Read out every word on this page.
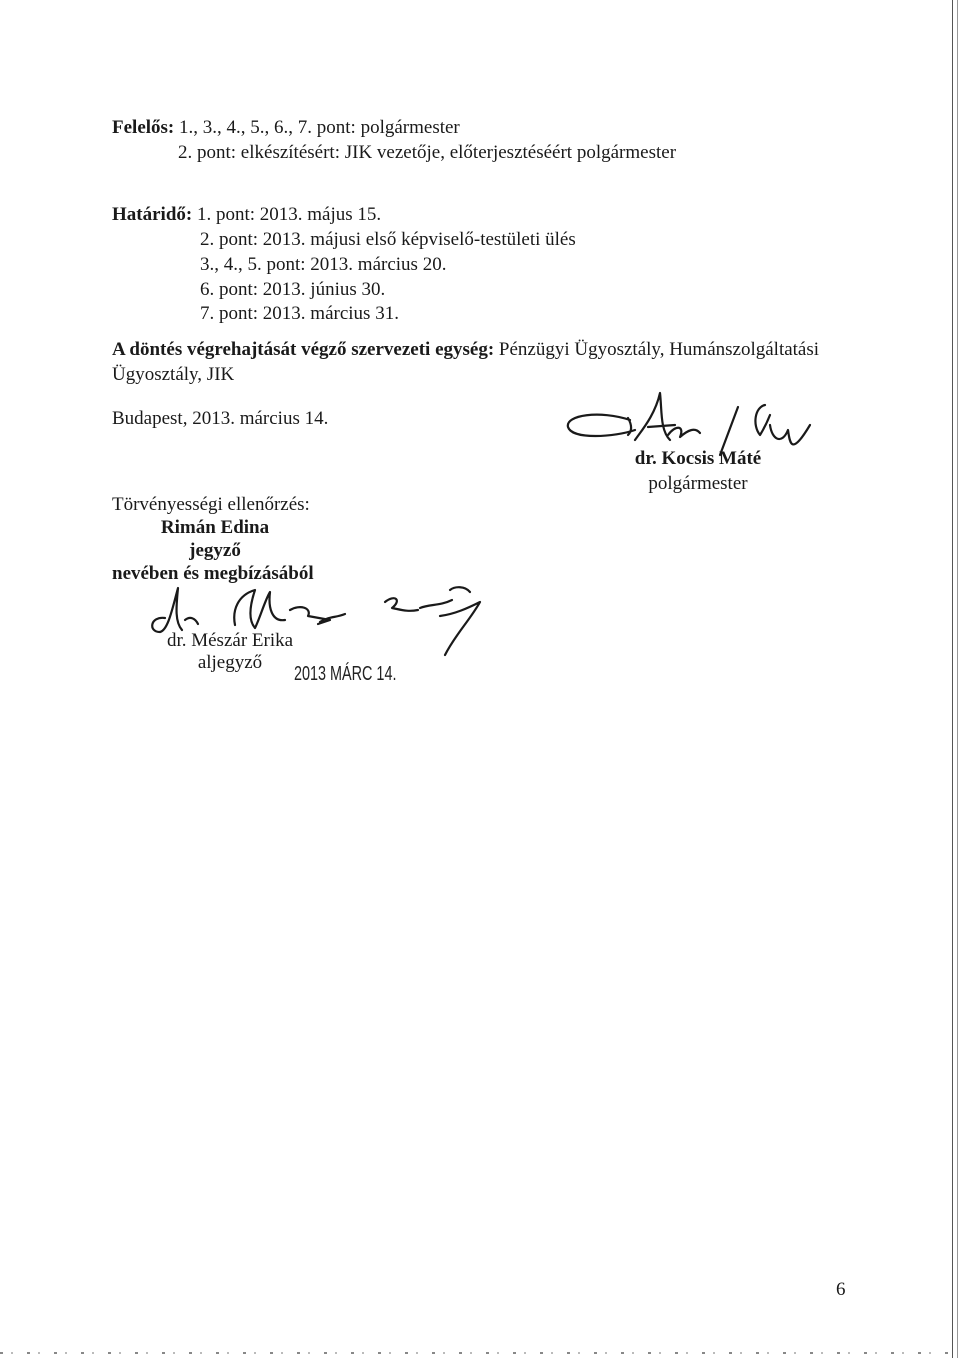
Felelős: 1., 3., 4., 5., 6., 7. pont: polgármester
2. pont: elkészítésért: JIK vezetője, előterjesztéséért polgármester
Határidő: 1. pont: 2013. május 15.
2. pont: 2013. májusi első képviselő-testületi ülés
3., 4., 5. pont: 2013. március 20.
6. pont: 2013. június 30.
7. pont: 2013. március 31.
A döntés végrehajtását végző szervezeti egység: Pénzügyi Ügyosztály, Humánszolgáltatási
Ügyosztály, JIK
Budapest, 2013. március 14.
dr. Kocsis Máté
polgármester
Törvényességi ellenőrzés:
Rimán Edina
jegyző
nevében és megbízásából
dr. Mészár Erika
aljegyző
2013 MÁRC 14.
6
